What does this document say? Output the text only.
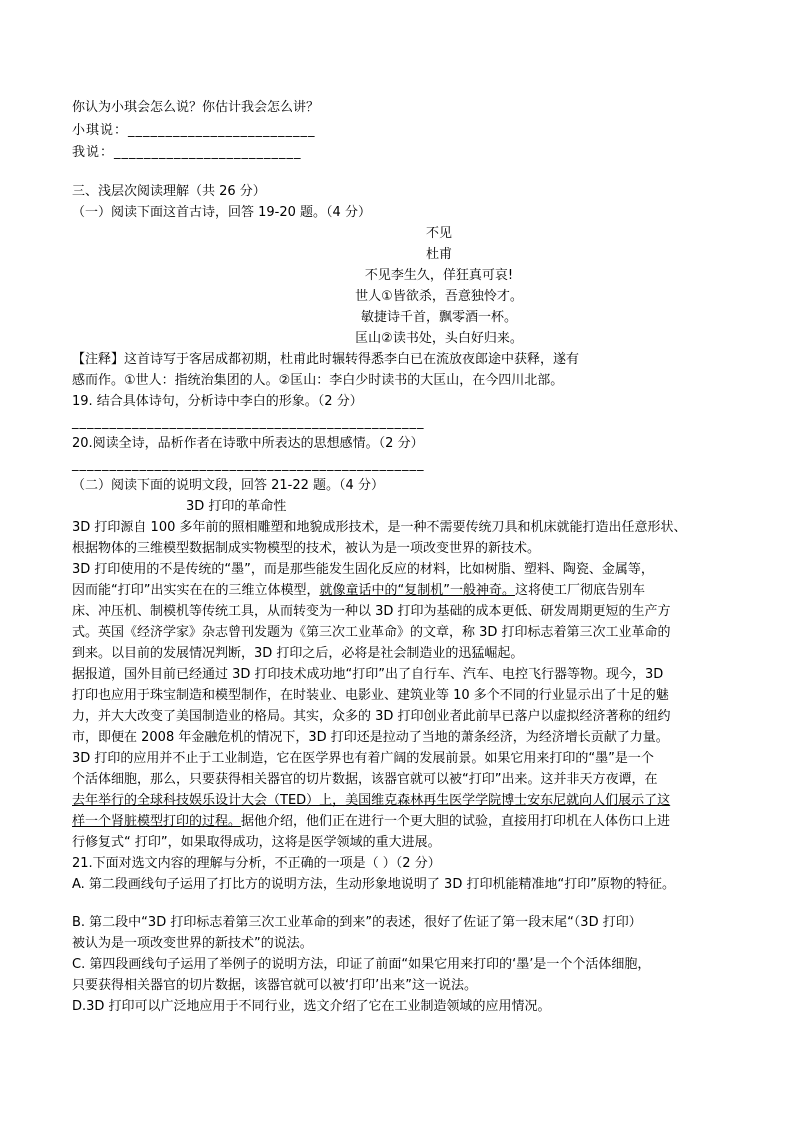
你认为小琪会怎么说？你估计我会怎么讲？
小琪说：_________________________
我说：_________________________
三、浅层次阅读理解（共 26 分）
（一）阅读下面这首古诗，回答 19-20 题。（4 分）
不见
杜甫
不见李生久，佯狂真可哀!
世人①皆欲杀，吾意独怜才。
敏捷诗千首，飘零酒一杯。
匡山②读书处，头白好归来。
【注释】这首诗写于客居成都初期，杜甫此时辗转得悉李白已在流放夜郎途中获释，遂有
感而作。①世人：指统治集团的人。②匡山：李白少时读书的大匡山，在今四川北部。
19. 结合具体诗句，分析诗中李白的形象。（2 分）
_______________________________________________
20.阅读全诗，品析作者在诗歌中所表达的思想感情。（2 分）
_______________________________________________
（二）阅读下面的说明文段，回答 21-22 题。（4 分）
3D 打印的革命性
3D 打印源自 100 多年前的照相雕塑和地貌成形技术，是一种不需要传统刀具和机床就能打造出任意形状、
根据物体的三维模型数据制成实物模型的技术，被认为是一项改变世界的新技术。
3D 打印使用的不是传统的“墨”，而是那些能发生固化反应的材料，比如树脂、塑料、陶瓷、金属等，
因而能“打印”出实实在在的三维立体模型，就像童话中的“复制机”一般神奇。这将使工厂彻底告别车
床、冲压机、制模机等传统工具，从而转变为一种以 3D 打印为基础的成本更低、研发周期更短的生产方
式。英国《经济学家》杂志曾刊发题为《第三次工业革命》的文章，称 3D 打印标志着第三次工业革命的
到来。以目前的发展情况判断，3D 打印之后，必将是社会制造业的迅猛崛起。
据报道，国外目前已经通过 3D 打印技术成功地“打印”出了自行车、汽车、电控飞行器等物。现今，3D
打印也应用于珠宝制造和模型制作，在时装业、电影业、建筑业等 10 多个不同的行业显示出了十足的魅
力，并大大改变了美国制造业的格局。其实，众多的 3D 打印创业者此前早已落户以虚拟经济著称的纽约
市，即便在 2008 年金融危机的情况下，3D 打印还是拉动了当地的萧条经济，为经济增长贡献了力量。
3D 打印的应用并不止于工业制造，它在医学界也有着广阔的发展前景。如果它用来打印的“墨”是一个
个活体细胞，那么，只要获得相关器官的切片数据，该器官就可以被“打印”出来。这并非天方夜谭，在
去年举行的全球科技娱乐设计大会（TED）上，美国维克森林再生医学学院博士安东尼就向人们展示了这
样一个肾脏模型打印的过程。据他介绍，他们正在进行一个更大胆的试验，直接用打印机在人体伤口上进
行修复式“ 打印”，如果取得成功，这将是医学领域的重大进展。
21.下面对选文内容的理解与分析，不正确的一项是（ ）（2 分）
A. 第二段画线句子运用了打比方的说明方法，生动形象地说明了 3D 打印机能精准地“打印”原物的特征。
B. 第二段中“3D 打印标志着第三次工业革命的到来”的表述，很好了佐证了第一段末尾“（3D 打印）
被认为是一项改变世界的新技术”的说法。
C. 第四段画线句子运用了举例子的说明方法，印证了前面“如果它用来打印的‘墨’是一个个活体细胞，
只要获得相关器官的切片数据，该器官就可以被‘打印’出来”这一说法。
D.3D 打印可以广泛地应用于不同行业，选文介绍了它在工业制造领域的应用情况。
